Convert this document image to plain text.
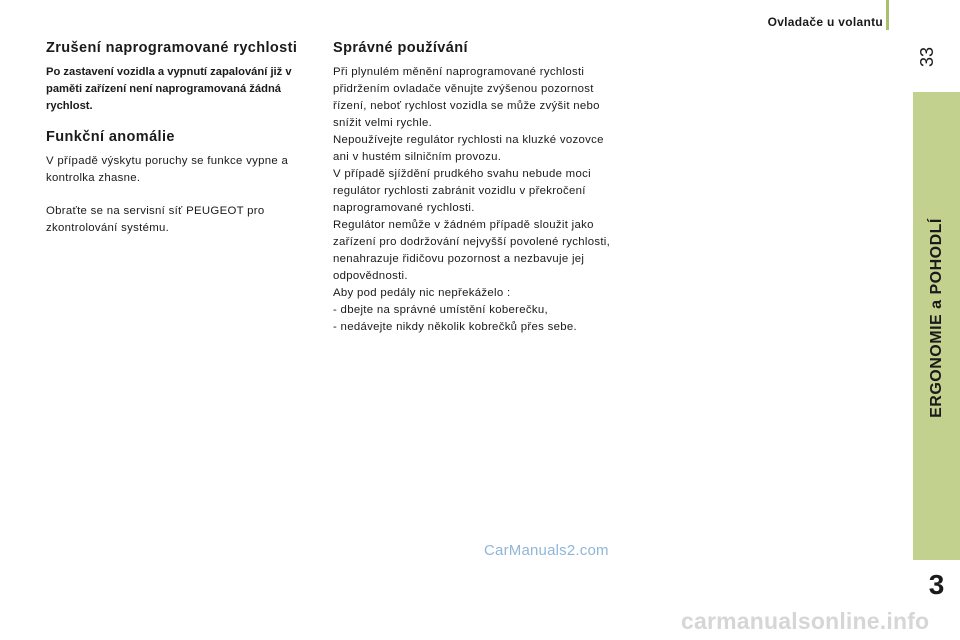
Ovladače u volantu
33
ERGONOMIE a POHODLÍ
3
Zrušení naprogramované rychlosti

Po zastavení vozidla a vypnutí zapalování již v paměti zařízení není naprogramovaná žádná rychlost.

Funkční anomálie

V případě výskytu poruchy se funkce vypne a kontrolka zhasne.

Obraťte se na servisní síť PEUGEOT pro zkontrolování systému.

Správné používání

Při plynulém měnění naprogramované rychlosti přidržením ovladače věnujte zvýšenou pozornost řízení, neboť rychlost vozidla se může zvýšit nebo snížit velmi rychle.

Nepoužívejte regulátor rychlosti na kluzké vozovce ani v hustém silničním provozu.

V případě sjíždění prudkého svahu nebude moci regulátor rychlosti zabránit vozidlu v překročení naprogramované rychlosti.

Regulátor nemůže v žádném případě sloužit jako zařízení pro dodržování nejvyšší povolené rychlosti, nenahrazuje řidičovu pozornost a nezbavuje jej odpovědnosti.

Aby pod pedály nic nepřekáželo :

- dbejte na správné umístění koberečku,

- nedávejte nikdy několik kobrečků přes sebe.

CarManuals2.com
carmanualsonline.info
